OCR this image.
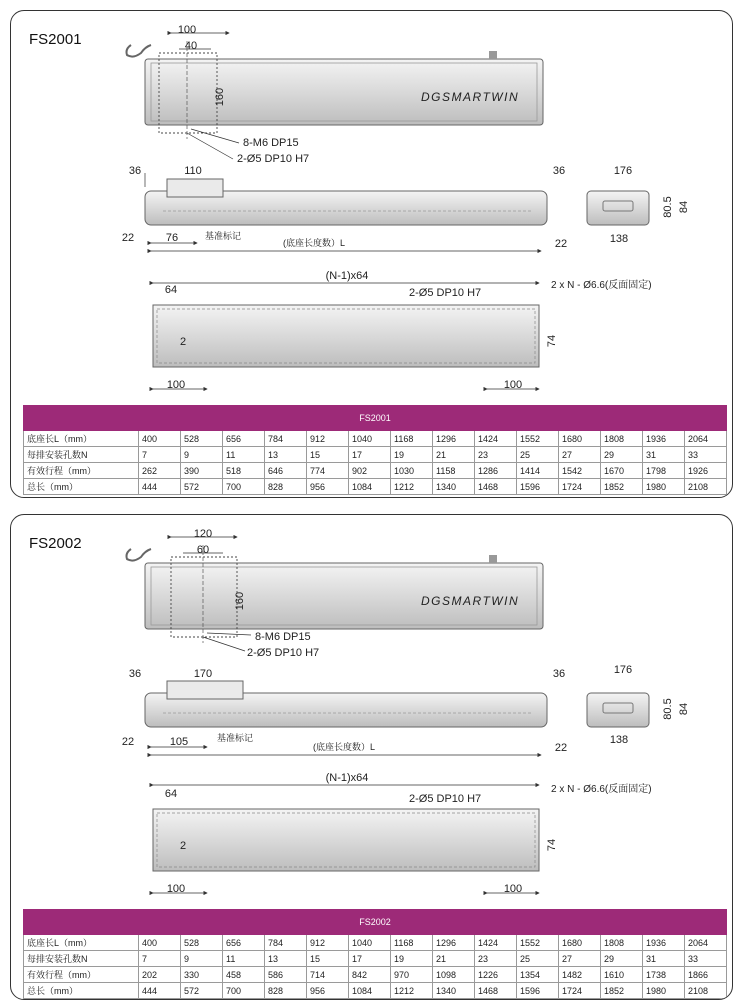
FS2001
100
40
160	DGSMARTWIN
8-M6 DP15
2-Ø5 DP10 H7
36	110	36
22	76	基准标记
(底座长度数）L	22
176
80.5 84
138
(N-1)x64
64	2-Ø5 DP10 H7
2 x N - Ø6.6(反面固定)
74
2
100	100
FS2001														
底座长L（mm）	400	528	656	784	912	1040	1168	1296	1424	1552	1680	1808	1936	2064
每排安装孔数N	7	9	11	13	15	17	19	21	23	25	27	29	31	33
有效行程（mm）	262	390	518	646	774	902	1030	1158	1286	1414	1542	1670	1798	1926
总长（mm）	444	572	700	828	956	1084	1212	1340	1468	1596	1724	1852	1980	2108
FS2002
120
60
160	DGSMARTWIN
8-M6 DP15
2-Ø5 DP10 H7
36	170	36
22	105	基准标记
(底座长度数）L	22
176
80.5 84
138
(N-1)x64
64	2-Ø5 DP10 H7
2 x N - Ø6.6(反面固定)
74
2
100	100
FS2002														
底座长L（mm）	400	528	656	784	912	1040	1168	1296	1424	1552	1680	1808	1936	2064
每排安装孔数N	7	9	11	13	15	17	19	21	23	25	27	29	31	33
有效行程（mm）	202	330	458	586	714	842	970	1098	1226	1354	1482	1610	1738	1866
总长（mm）	444	572	700	828	956	1084	1212	1340	1468	1596	1724	1852	1980	2108
